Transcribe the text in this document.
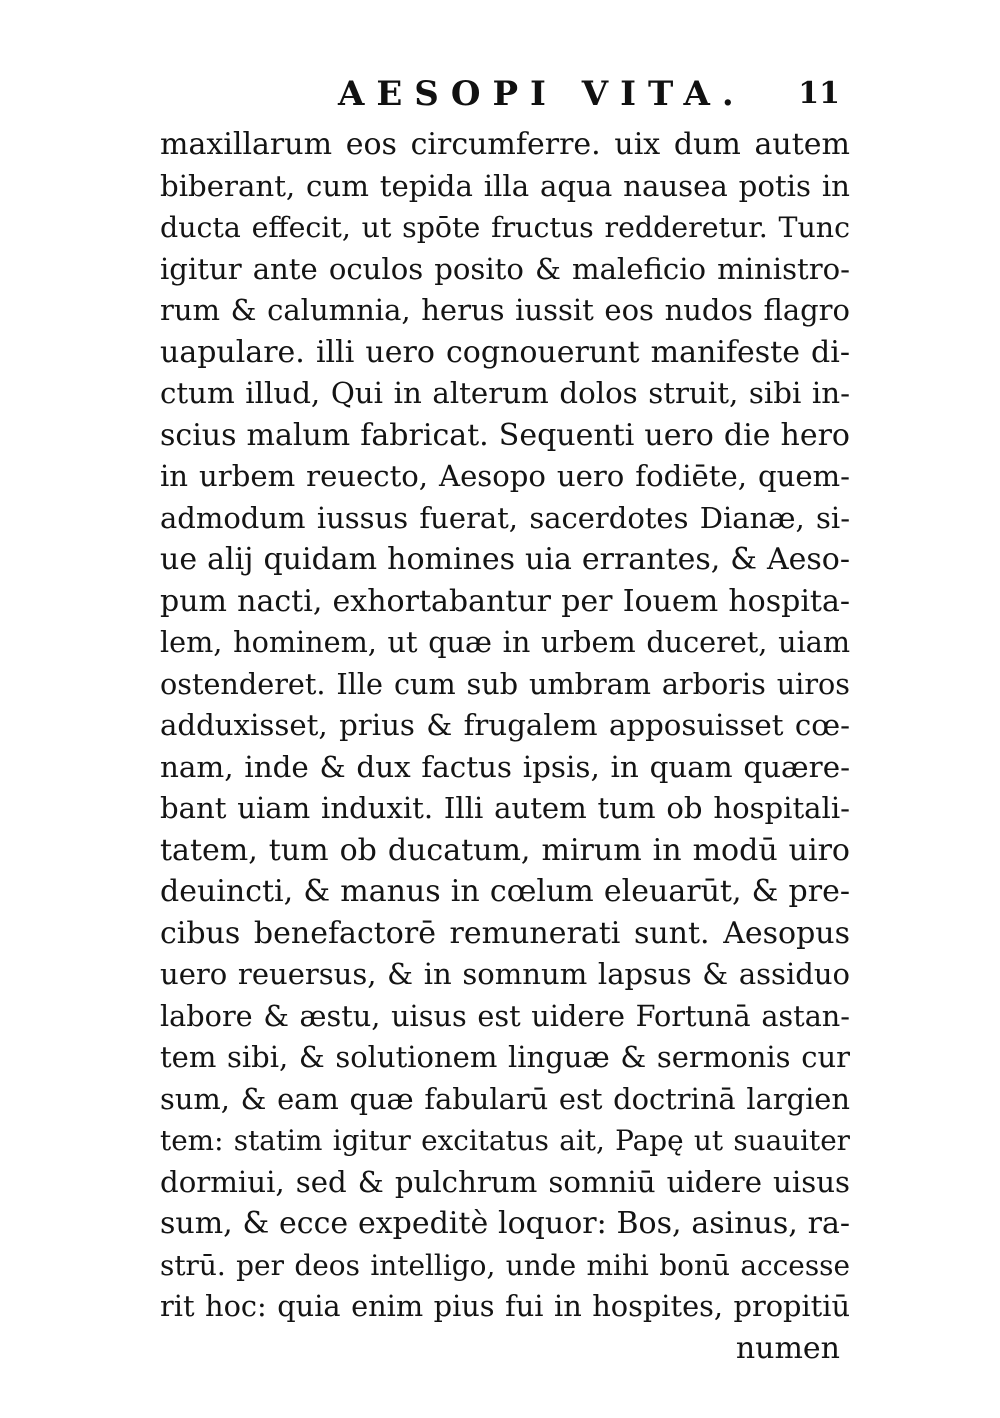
AESOPI VITA. 11
maxillarum eos circumferre. uix dum autem
biberant, cum tepida illa aqua nausea potis in
ducta effecit, ut spōte fructus redderetur. Tunc
igitur ante oculos posito & maleficio ministro-
rum & calumnia, herus iussit eos nudos flagro
uapulare. illi uero cognouerunt manifeste di-
ctum illud, Qui in alterum dolos struit, sibi in-
scius malum fabricat. Sequenti uero die hero
in urbem reuecto, Aesopo uero fodiēte, quem-
admodum iussus fuerat, sacerdotes Dianæ, si-
ue alij quidam homines uia errantes, & Aeso-
pum nacti, exhortabantur per Iouem hospita-
lem, hominem, ut quæ in urbem duceret, uiam
ostenderet. Ille cum sub umbram arboris uiros
adduxisset, prius & frugalem apposuisset cœ-
nam, inde & dux factus ipsis, in quam quære-
bant uiam induxit. Illi autem tum ob hospitali-
tatem, tum ob ducatum, mirum in modū uiro
deuincti, & manus in cœlum eleuarūt, & pre-
cibus benefactorē remunerati sunt. Aesopus
uero reuersus, & in somnum lapsus & assiduo
labore & æstu, uisus est uidere Fortunā astan-
tem sibi, & solutionem linguæ & sermonis cur
sum, & eam quæ fabularū est doctrinā largien
tem: statim igitur excitatus ait, Papę ut suauiter
dormiui, sed & pulchrum somniū uidere uisus
sum, & ecce expeditè loquor: Bos, asinus, ra-
strū. per deos intelligo, unde mihi bonū accesse
rit hoc: quia enim pius fui in hospites, propitiū
numen
